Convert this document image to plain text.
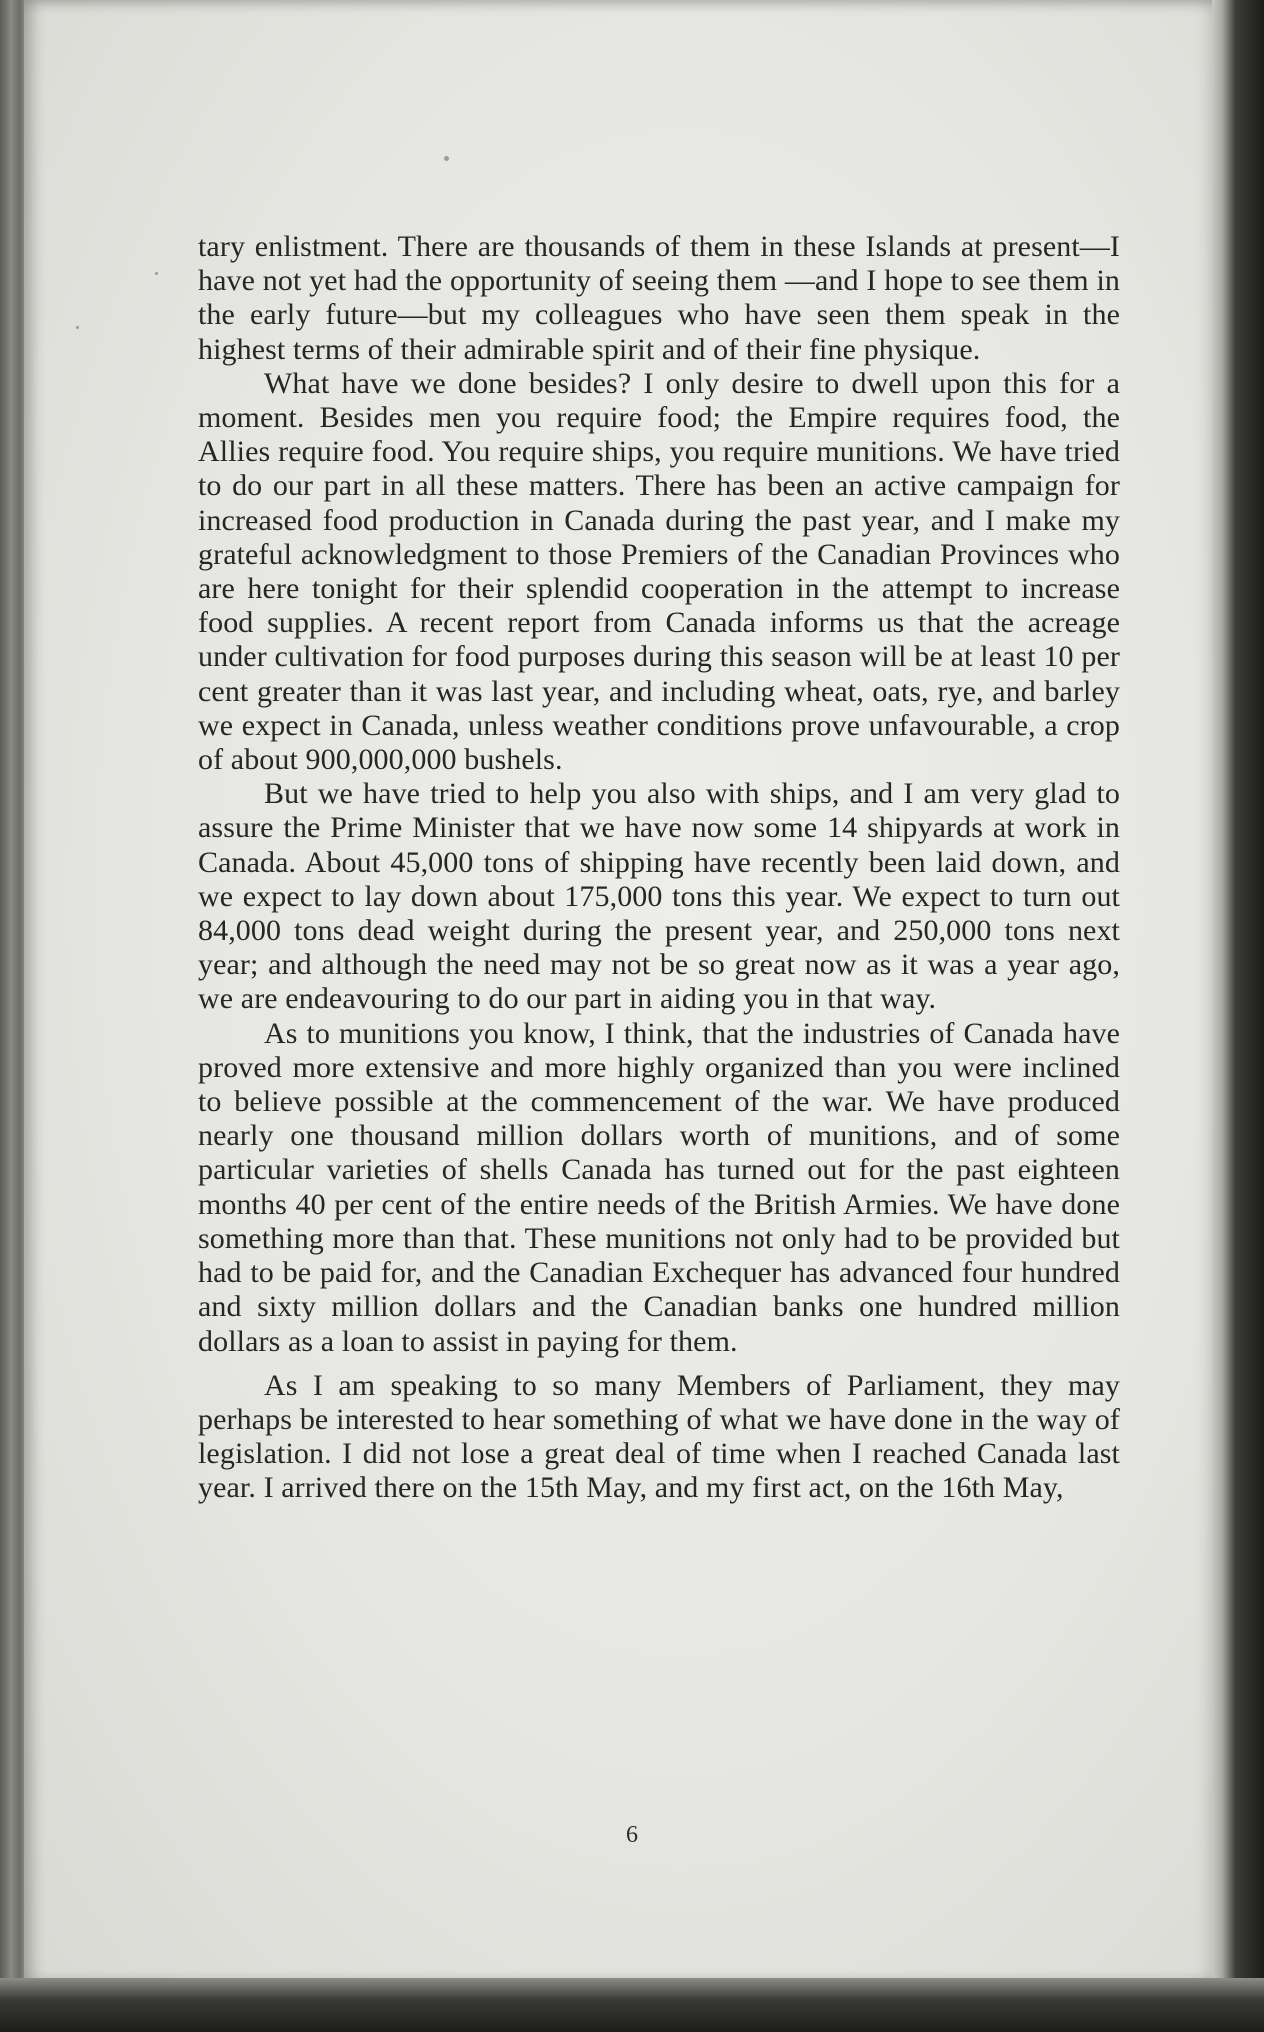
tary enlistment. There are thousands of them in these Islands at present—I have not yet had the opportunity of seeing them —and I hope to see them in the early future—but my colleagues who have seen them speak in the highest terms of their admirable spirit and of their fine physique.

What have we done besides? I only desire to dwell upon this for a moment. Besides men you require food; the Empire requires food, the Allies require food. You require ships, you require munitions. We have tried to do our part in all these matters. There has been an active campaign for increased food production in Canada during the past year, and I make my grateful acknowledgment to those Premiers of the Canadian Provinces who are here tonight for their splendid cooperation in the attempt to increase food supplies. A recent report from Canada informs us that the acreage under cultivation for food purposes during this season will be at least 10 per cent greater than it was last year, and including wheat, oats, rye, and barley we expect in Canada, unless weather conditions prove unfavourable, a crop of about 900,000,000 bushels.

But we have tried to help you also with ships, and I am very glad to assure the Prime Minister that we have now some 14 shipyards at work in Canada. About 45,000 tons of shipping have recently been laid down, and we expect to lay down about 175,000 tons this year. We expect to turn out 84,000 tons dead weight during the present year, and 250,000 tons next year; and although the need may not be so great now as it was a year ago, we are endeavouring to do our part in aiding you in that way.

As to munitions you know, I think, that the industries of Canada have proved more extensive and more highly organized than you were inclined to believe possible at the commencement of the war. We have produced nearly one thousand million dollars worth of munitions, and of some particular varieties of shells Canada has turned out for the past eighteen months 40 per cent of the entire needs of the British Armies. We have done something more than that. These munitions not only had to be provided but had to be paid for, and the Canadian Exchequer has advanced four hundred and sixty million dollars and the Canadian banks one hundred million dollars as a loan to assist in paying for them.

As I am speaking to so many Members of Parliament, they may perhaps be interested to hear something of what we have done in the way of legislation. I did not lose a great deal of time when I reached Canada last year. I arrived there on the 15th May, and my first act, on the 16th May,

6
